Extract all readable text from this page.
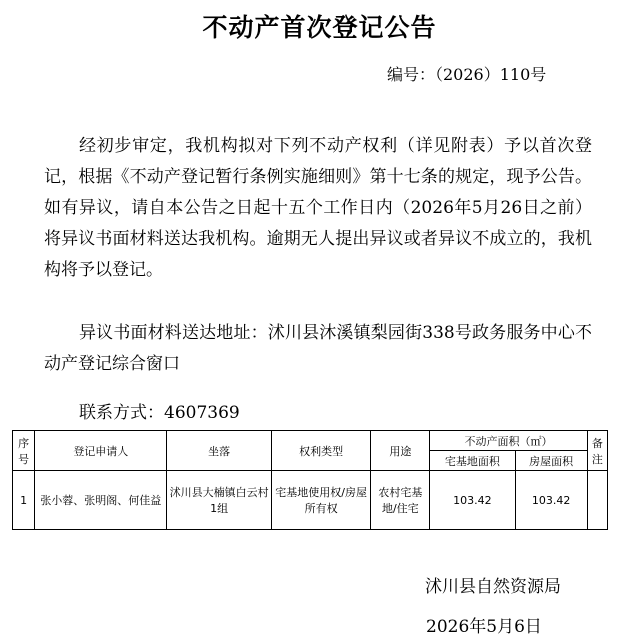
不动产首次登记公告
编号：（2026）110号
经初步审定，我机构拟对下列不动产权利（详见附表）予以首次登记，根据《不动产登记暂行条例实施细则》第十七条的规定，现予公告。如有异议，请自本公告之日起十五个工作日内（2026年5月26日之前）将异议书面材料送达我机构。逾期无人提出异议或者异议不成立的，我机构将予以登记。
异议书面材料送达地址：沭川县沐溪镇梨园街338号政务服务中心不动产登记综合窗口
联系方式：4607369
序号	登记申请人	坐落	权利类型	用途	不动产面积（㎡）		备注
					宅基地面积	房屋面积	
1	张小蓉、张明阁、何佳益	沭川县大楠镇白云村1组	宅基地使用权/房屋所有权	农村宅基地/住宅	103.42	103.42	
沭川县自然资源局
2026年5月6日
